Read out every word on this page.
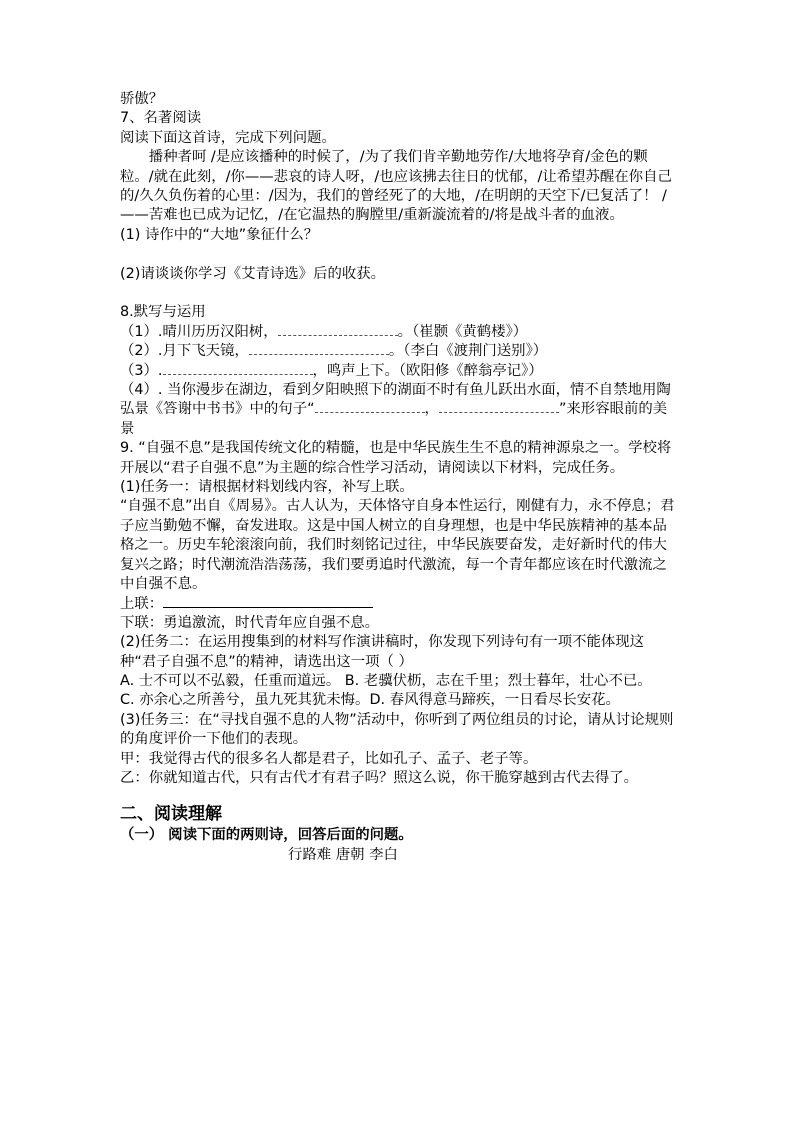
骄傲？
7、名著阅读
阅读下面这首诗，完成下列问题。
播种者呵 /是应该播种的时候了，/为了我们肯辛勤地劳作/大地将孕育/金色的颗粒。/就在此刻，/你——悲哀的诗人呀，/也应该拂去往日的忧郁，/让希望苏醒在你自己的/久久负伤着的心里：/因为，我们的曾经死了的大地，/在明朗的天空下/已复活了！ /——苦难也已成为记忆，/在它温热的胸膛里/重新漩流着的/将是战斗者的血液。
(1) 诗作中的“大地”象征什么？
(2)请谈谈你学习《艾青诗选》后的收获。
8.默写与运用
（1）.晴川历历汉阳树，	。（崔颢《黄鹤楼》）
（2）.月下飞天镜，	。（李白《渡荆门送别》）
（3）.	，鸣声上下。（欧阳修《醉翁亭记》）
（4）. 当你漫步在湖边，看到夕阳映照下的湖面不时有鱼儿跃出水面，情不自禁地用陶弘景《答谢中书书》中的句子“	，	”来形容眼前的美景
9. “自强不息”是我国传统文化的精髓，也是中华民族生生不息的精神源泉之一。学校将开展以“君子自强不息”为主题的综合性学习活动，请阅读以下材料，完成任务。
(1)任务一：请根据材料划线内容，补写上联。
“自强不息”出自《周易》。古人认为，天体恪守自身本性运行，刚健有力，永不停息；君子应当勤勉不懈，奋发进取。这是中国人树立的自身理想，也是中华民族精神的基本品格之一。历史车轮滚滚向前，我们时刻铭记过往，中华民族要奋发，走好新时代的伟大复兴之路；时代潮流浩浩荡荡，我们要勇追时代激流，每一个青年都应该在时代激流之中自强不息。
上联：
下联：勇追激流，时代青年应自强不息。
(2)任务二：在运用搜集到的材料写作演讲稿时，你发现下列诗句有一项不能体现这种“君子自强不息”的精神，请选出这一项（ ）
A. 士不可以不弘毅，任重而道远。 B. 老骥伏枥，志在千里；烈士暮年，壮心不已。
C. 亦余心之所善兮，虽九死其犹未悔。D. 春风得意马蹄疾，一日看尽长安花。
(3)任务三：在“寻找自强不息的人物”活动中，你听到了两位组员的讨论，请从讨论规则的角度评价一下他们的表现。
甲：我觉得古代的很多名人都是君子，比如孔子、孟子、老子等。
乙：你就知道古代，只有古代才有君子吗？照这么说，你干脆穿越到古代去得了。
二、阅读理解
（一） 阅读下面的两则诗，回答后面的问题。
行路难 唐朝 李白
